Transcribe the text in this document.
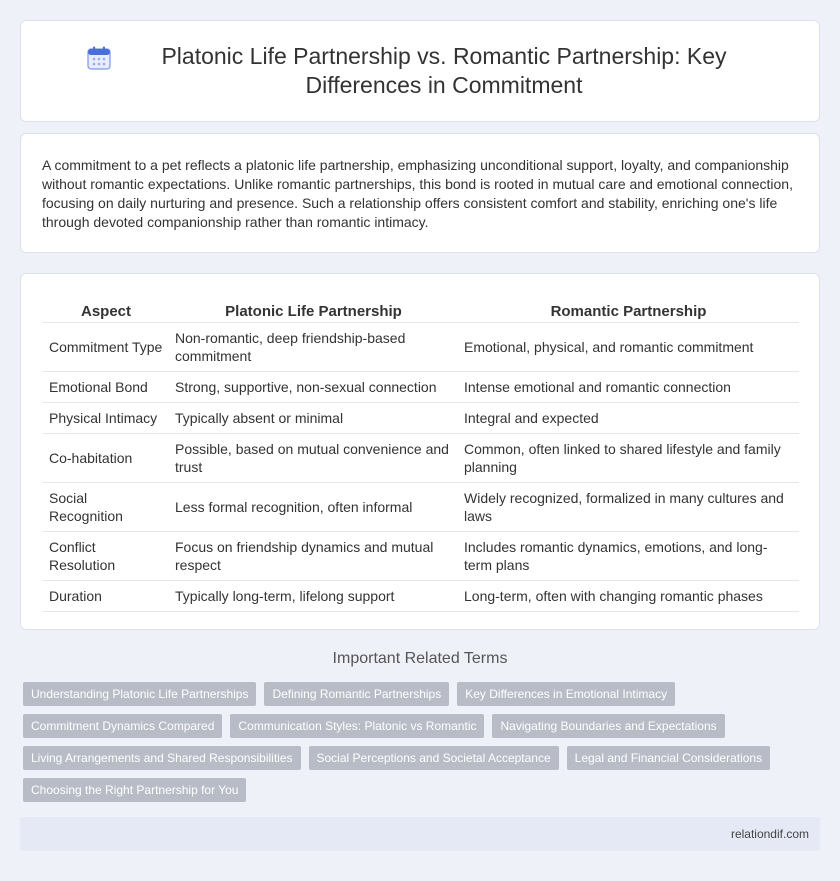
Platonic Life Partnership vs. Romantic Partnership: Key Differences in Commitment

A commitment to a pet reflects a platonic life partnership, emphasizing unconditional support, loyalty, and companionship without romantic expectations. Unlike romantic partnerships, this bond is rooted in mutual care and emotional connection, focusing on daily nurturing and presence. Such a relationship offers consistent comfort and stability, enriching one's life through devoted companionship rather than romantic intimacy.

Aspect	Platonic Life Partnership	Romantic Partnership
Commitment Type	Non-romantic, deep friendship-based commitment	Emotional, physical, and romantic commitment
Emotional Bond	Strong, supportive, non-sexual connection	Intense emotional and romantic connection
Physical Intimacy	Typically absent or minimal	Integral and expected
Co-habitation	Possible, based on mutual convenience and trust	Common, often linked to shared lifestyle and family planning
Social Recognition	Less formal recognition, often informal	Widely recognized, formalized in many cultures and laws
Conflict Resolution	Focus on friendship dynamics and mutual respect	Includes romantic dynamics, emotions, and long-term plans
Duration	Typically long-term, lifelong support	Long-term, often with changing romantic phases
Important Related Terms
Understanding Platonic Life Partnerships	Defining Romantic Partnerships	Key Differences in Emotional Intimacy
Commitment Dynamics Compared	Communication Styles: Platonic vs Romantic	Navigating Boundaries and Expectations
Living Arrangements and Shared Responsibilities	Social Perceptions and Societal Acceptance	Legal and Financial Considerations
Choosing the Right Partnership for You
relationdif.com
